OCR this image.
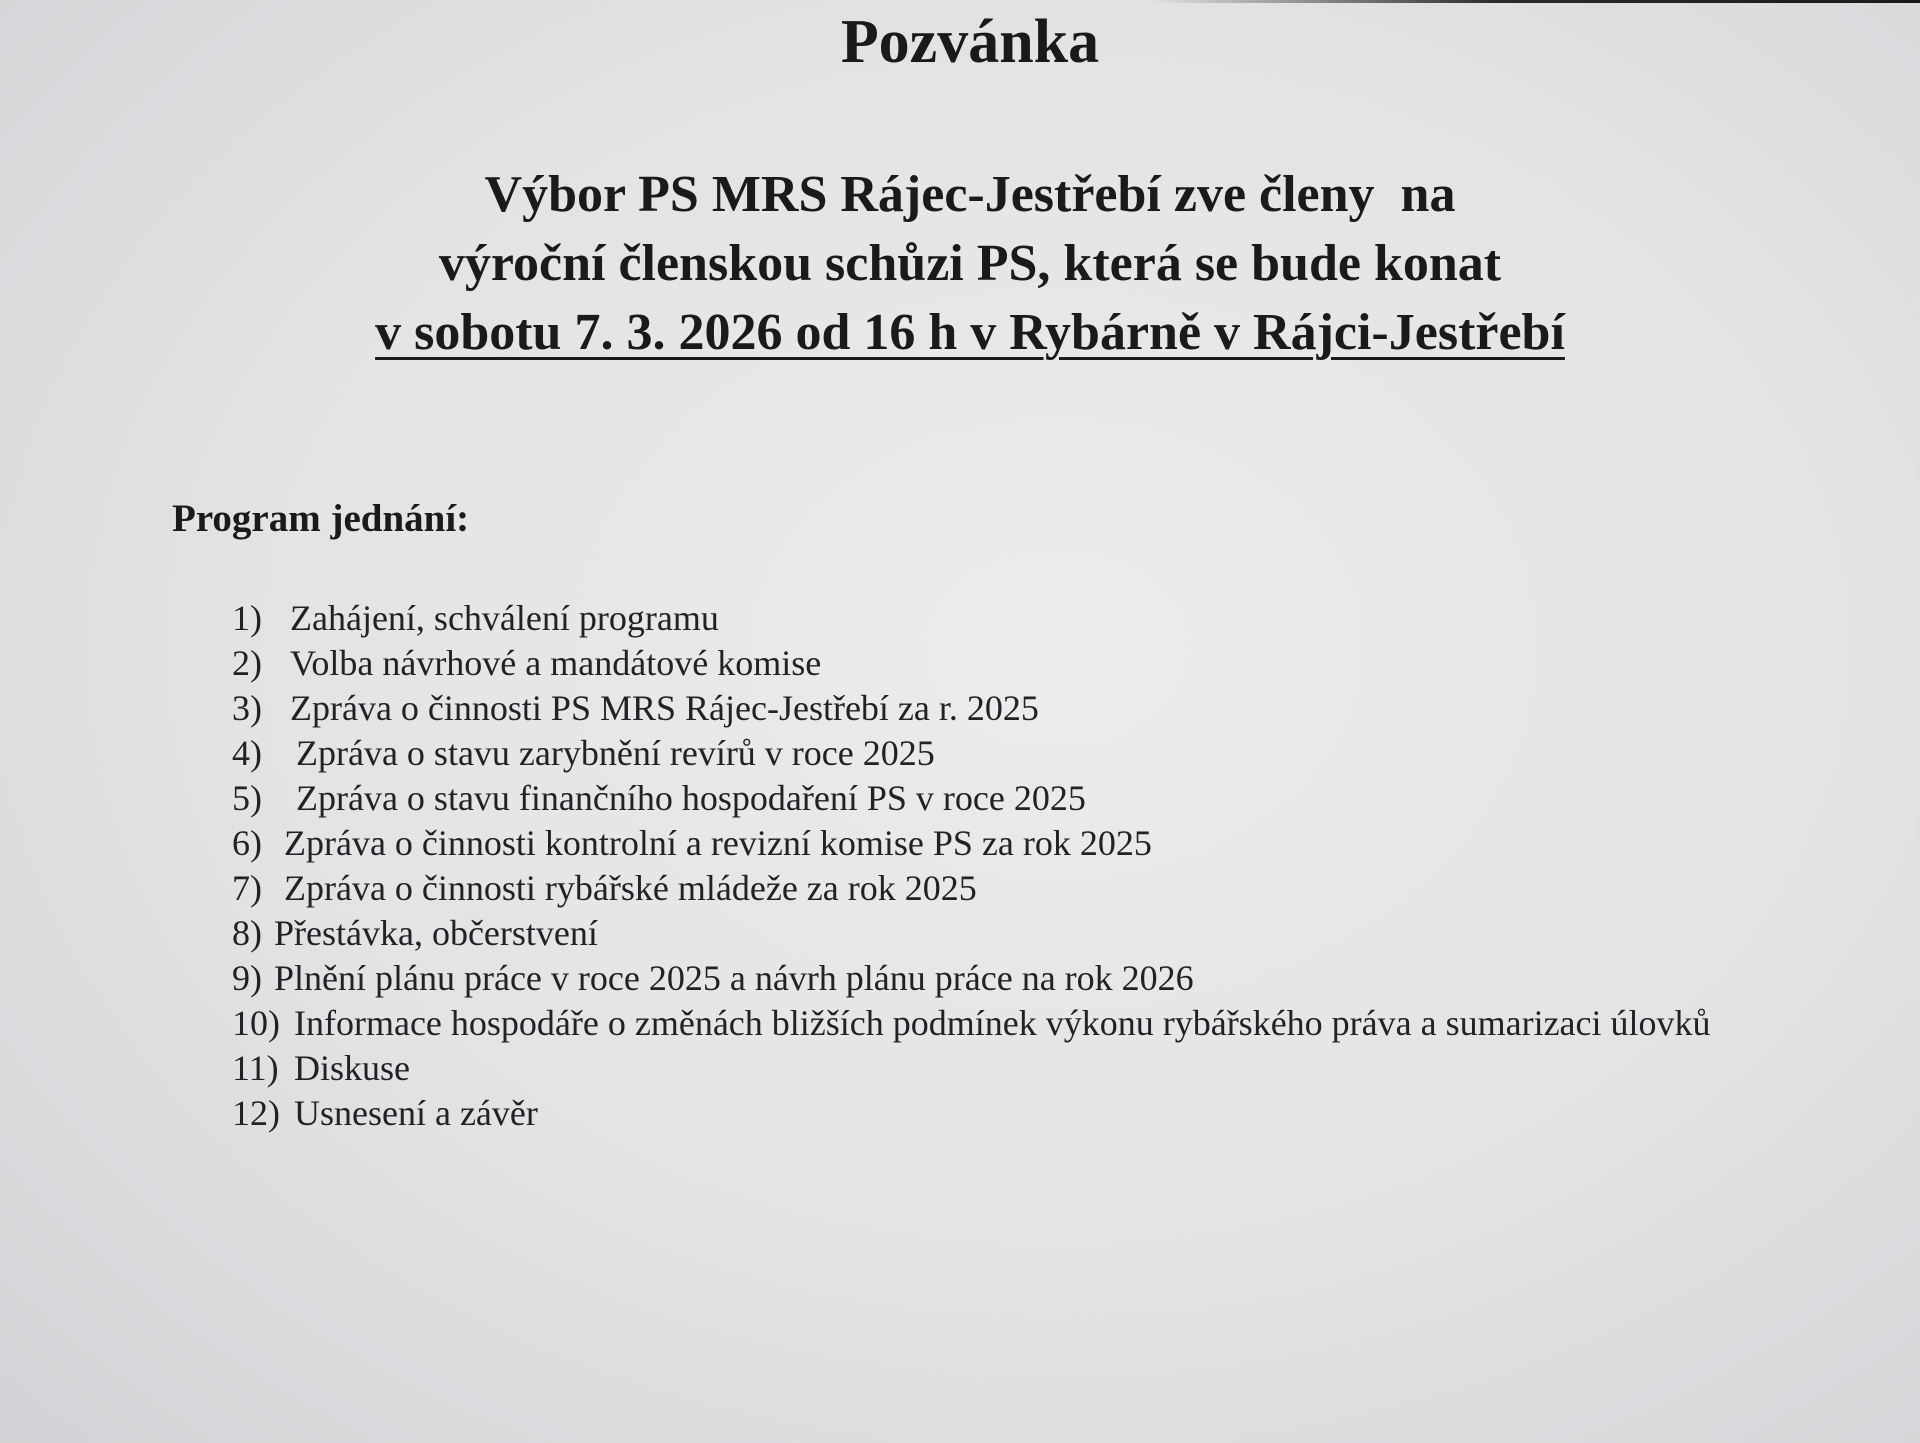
Pozvánka
Výbor PS MRS Rájec-Jestřebí zve členy  na
výroční členskou schůzi PS, která se bude konat
v sobotu 7. 3. 2026 od 16 h v Rybárně v Rájci-Jestřebí
Program jednání:
1) Zahájení, schválení programu
2) Volba návrhové a mandátové komise
3) Zpráva o činnosti PS MRS Rájec-Jestřebí za r. 2025
4) Zpráva o stavu zarybnění revírů v roce 2025
5) Zpráva o stavu finančního hospodaření PS v roce 2025
6) Zpráva o činnosti kontrolní a revizní komise PS za rok 2025
7) Zpráva o činnosti rybářské mládeže za rok 2025
8) Přestávka, občerstvení
9) Plnění plánu práce v roce 2025 a návrh plánu práce na rok 2026
10) Informace hospodáře o změnách bližších podmínek výkonu rybářského práva a sumarizaci úlovků
11) Diskuse
12) Usnesení a závěr
